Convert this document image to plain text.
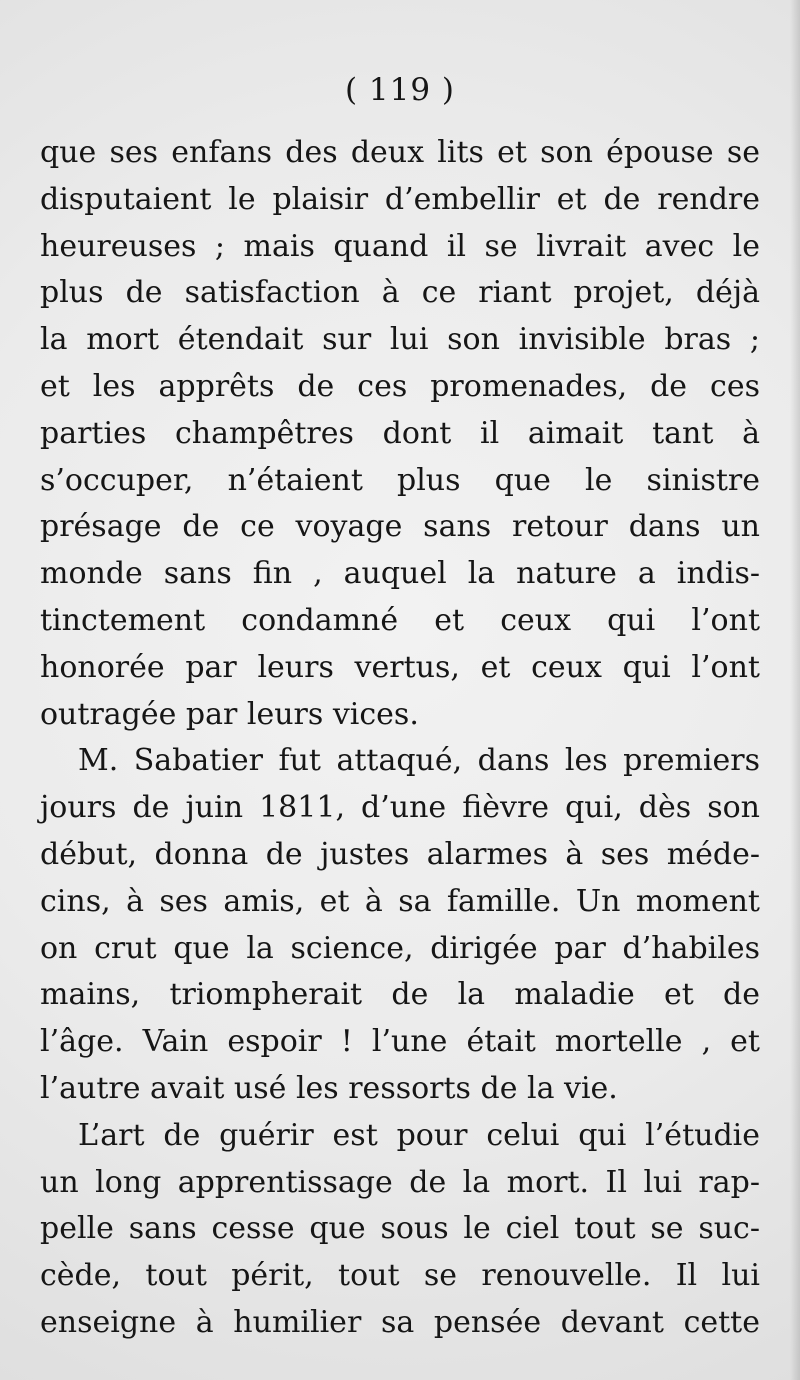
( 119 )
que ses enfans des deux lits et son épouse se
disputaient le plaisir d’embellir et de rendre
heureuses ; mais quand il se livrait avec le
plus de satisfaction à ce riant projet, déjà
la mort étendait sur lui son invisible bras ;
et les apprêts de ces promenades, de ces
parties champêtres dont il aimait tant à
s’occuper, n’étaient plus que le sinistre
présage de ce voyage sans retour dans un
monde sans fin , auquel la nature a indis-
tinctement condamné et ceux qui l’ont
honorée par leurs vertus, et ceux qui l’ont
outragée par leurs vices.
M. Sabatier fut attaqué, dans les premiers
jours de juin 1811, d’une fièvre qui, dès son
début, donna de justes alarmes à ses méde-
cins, à ses amis, et à sa famille. Un moment
on crut que la science, dirigée par d’habiles
mains, triompherait de la maladie et de
l’âge. Vain espoir ! l’une était mortelle , et
l’autre avait usé les ressorts de la vie.
L’art de guérir est pour celui qui l’étudie
un long apprentissage de la mort. Il lui rap-
pelle sans cesse que sous le ciel tout se suc-
cède, tout périt, tout se renouvelle. Il lui
enseigne à humilier sa pensée devant cette
